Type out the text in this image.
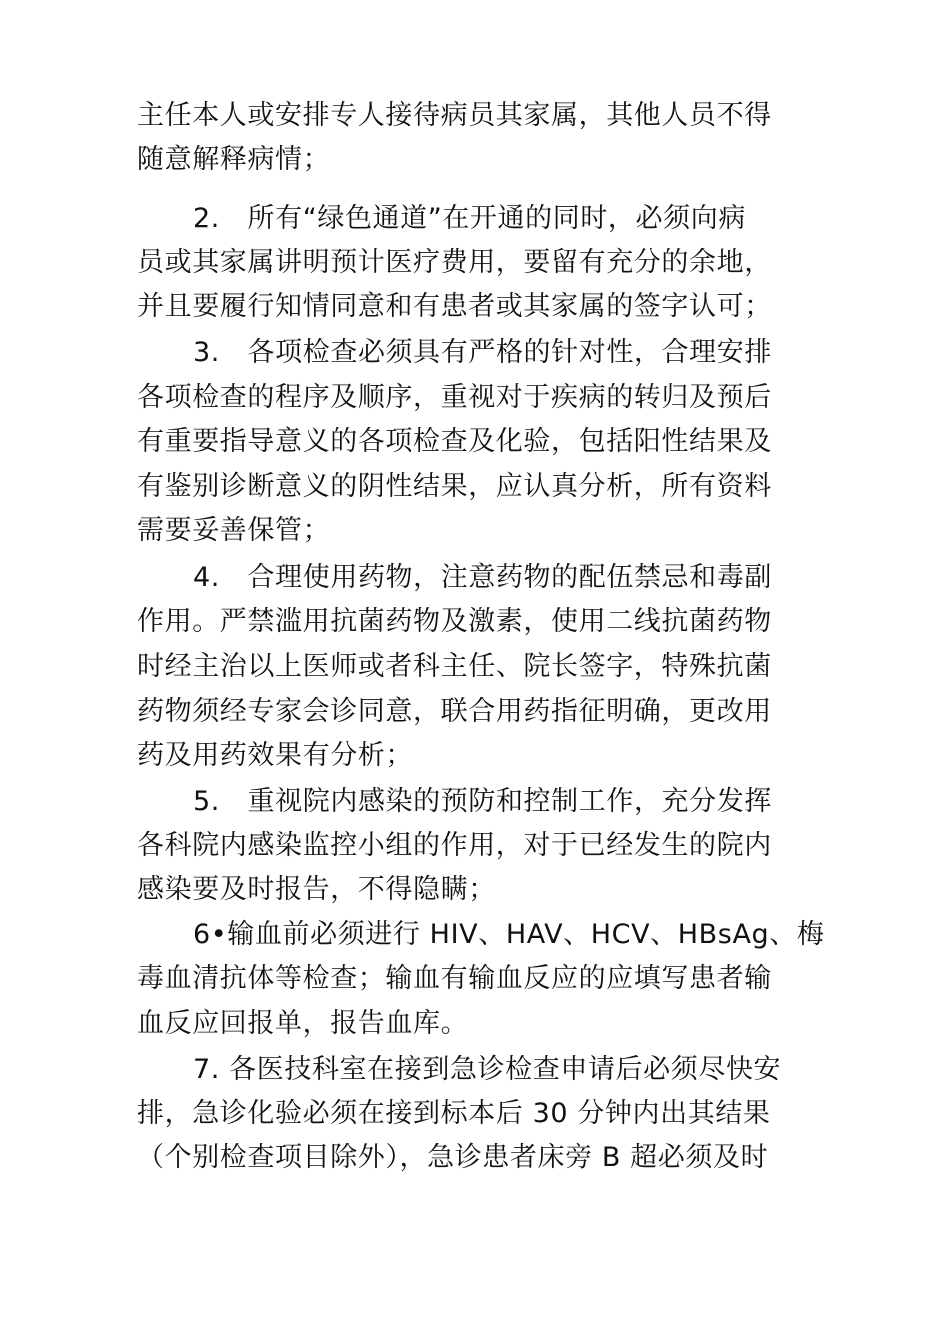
主任本人或安排专人接待病员其家属，其他人员不得

随意解释病情；

2.　所有“绿色通道”在开通的同时，必须向病

员或其家属讲明预计医疗费用，要留有充分的余地，

并且要履行知情同意和有患者或其家属的签字认可；

3.　各项检查必须具有严格的针对性，合理安排

各项检查的程序及顺序，重视对于疾病的转归及预后

有重要指导意义的各项检查及化验，包括阳性结果及

有鉴别诊断意义的阴性结果，应认真分析，所有资料

需要妥善保管；

4.　合理使用药物，注意药物的配伍禁忌和毒副

作用。严禁滥用抗菌药物及激素，使用二线抗菌药物

时经主治以上医师或者科主任、院长签字，特殊抗菌

药物须经专家会诊同意，联合用药指征明确，更改用

药及用药效果有分析；

5.　重视院内感染的预防和控制工作，充分发挥

各科院内感染监控小组的作用，对于已经发生的院内

感染要及时报告，不得隐瞒；

6•输血前必须进行 HIV、HAV、HCV、HBsAg、梅

毒血清抗体等检查；输血有输血反应的应填写患者输

血反应回报单，报告血库。

7. 各医技科室在接到急诊检查申请后必须尽快安

排，急诊化验必须在接到标本后 30 分钟内出其结果

（个别检查项目除外），急诊患者床旁 B 超必须及时
